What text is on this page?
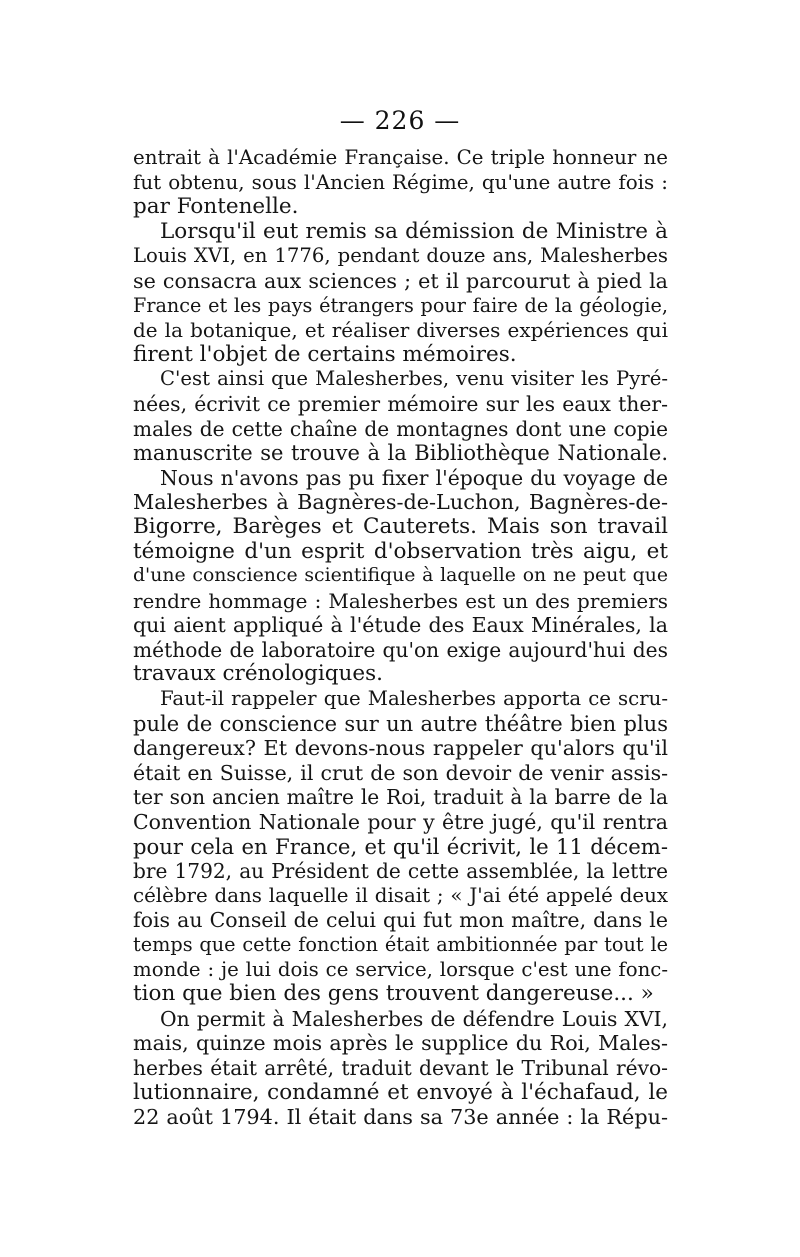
— 226 —
entrait à l'Académie Française. Ce triple honneur ne
fut obtenu, sous l'Ancien Régime, qu'une autre fois :
par Fontenelle.
Lorsqu'il eut remis sa démission de Ministre à
Louis XVI, en 1776, pendant douze ans, Malesherbes
se consacra aux sciences ; et il parcourut à pied la
France et les pays étrangers pour faire de la géologie,
de la botanique, et réaliser diverses expériences qui
firent l'objet de certains mémoires.
C'est ainsi que Malesherbes, venu visiter les Pyré-
nées, écrivit ce premier mémoire sur les eaux ther-
males de cette chaîne de montagnes dont une copie
manuscrite se trouve à la Bibliothèque Nationale.
Nous n'avons pas pu fixer l'époque du voyage de
Malesherbes à Bagnères-de-Luchon, Bagnères-de-
Bigorre, Barèges et Cauterets. Mais son travail
témoigne d'un esprit d'observation très aigu, et
d'une conscience scientifique à laquelle on ne peut que
rendre hommage : Malesherbes est un des premiers
qui aient appliqué à l'étude des Eaux Minérales, la
méthode de laboratoire qu'on exige aujourd'hui des
travaux crénologiques.
Faut-il rappeler que Malesherbes apporta ce scru-
pule de conscience sur un autre théâtre bien plus
dangereux? Et devons-nous rappeler qu'alors qu'il
était en Suisse, il crut de son devoir de venir assis-
ter son ancien maître le Roi, traduit à la barre de la
Convention Nationale pour y être jugé, qu'il rentra
pour cela en France, et qu'il écrivit, le 11 décem-
bre 1792, au Président de cette assemblée, la lettre
célèbre dans laquelle il disait ; « J'ai été appelé deux
fois au Conseil de celui qui fut mon maître, dans le
temps que cette fonction était ambitionnée par tout le
monde : je lui dois ce service, lorsque c'est une fonc-
tion que bien des gens trouvent dangereuse... »
On permit à Malesherbes de défendre Louis XVI,
mais, quinze mois après le supplice du Roi, Males-
herbes était arrêté, traduit devant le Tribunal révo-
lutionnaire, condamné et envoyé à l'échafaud, le
22 août 1794. Il était dans sa 73e année : la Répu-
